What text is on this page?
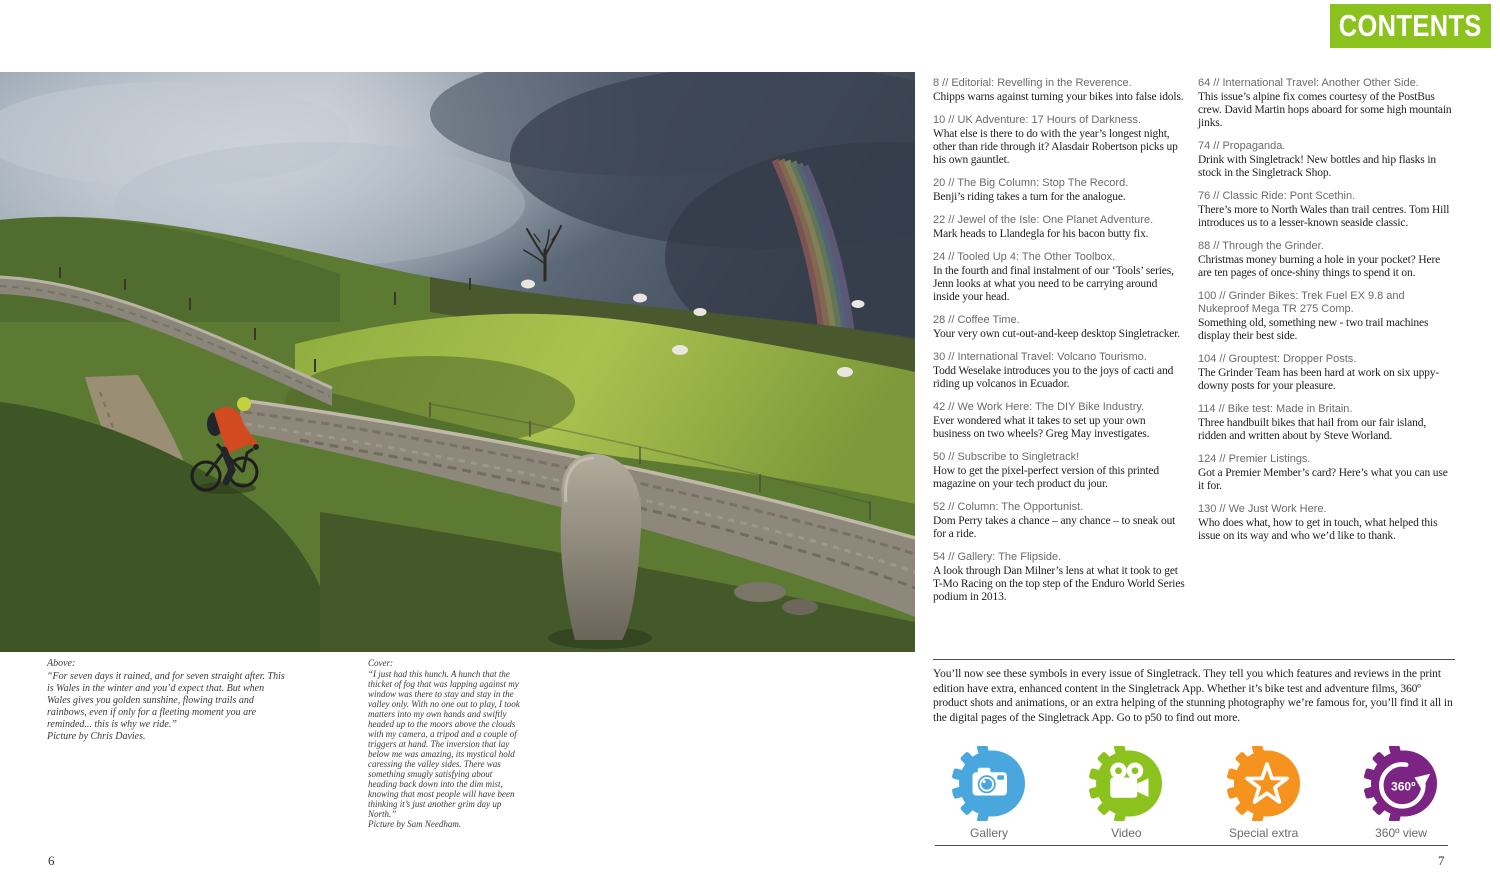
CONTENTS
Above:
“For seven days it rained, and for seven straight after. This is Wales in the winter and you’d expect that. But when Wales gives you golden sunshine, flowing trails and rainbows, even if only for a fleeting moment you are reminded... this is why we ride.”
Picture by Chris Davies.
Cover:
“I just had this hunch. A hunch that the thicket of fog that was lapping against my window was there to stay and stay in the valley only. With no one out to play, I took matters into my own hands and swiftly headed up to the moors above the clouds with my camera, a tripod and a couple of triggers at hand. The inversion that lay below me was amazing, its mystical hold caressing the valley sides. There was something smugly satisfying about heading back down into the dim mist, knowing that most people will have been thinking it’s just another grim day up North.”
Picture by Sam Needham.
8 // Editorial: Revelling in the Reverence.
Chipps warns against turning your bikes into false idols.
10 // UK Adventure: 17 Hours of Darkness.
What else is there to do with the year’s longest night, other than ride through it? Alasdair Robertson picks up his own gauntlet.
20 // The Big Column: Stop The Record.
Benji’s riding takes a turn for the analogue.
22 // Jewel of the Isle: One Planet Adventure.
Mark heads to Llandegla for his bacon butty fix.
24 // Tooled Up 4: The Other Toolbox.
In the fourth and final instalment of our ‘Tools’ series, Jenn looks at what you need to be carrying around inside your head.
28 // Coffee Time.
Your very own cut-out-and-keep desktop Singletracker.
30 // International Travel: Volcano Tourismo.
Todd Weselake introduces you to the joys of cacti and riding up volcanos in Ecuador.
42 // We Work Here: The DIY Bike Industry.
Ever wondered what it takes to set up your own business on two wheels? Greg May investigates.
50 // Subscribe to Singletrack!
How to get the pixel-perfect version of this printed magazine on your tech product du jour.
52 // Column: The Opportunist.
Dom Perry takes a chance – any chance – to sneak out for a ride.
54 // Gallery: The Flipside.
A look through Dan Milner’s lens at what it took to get T-Mo Racing on the top step of the Enduro World Series podium in 2013.
64 // International Travel: Another Other Side.
This issue’s alpine fix comes courtesy of the PostBus crew. David Martin hops aboard for some high mountain jinks.
74 // Propaganda.
Drink with Singletrack! New bottles and hip flasks in stock in the Singletrack Shop.
76 // Classic Ride: Pont Scethin.
There’s more to North Wales than trail centres. Tom Hill introduces us to a lesser-known seaside classic.
88 // Through the Grinder.
Christmas money burning a hole in your pocket? Here are ten pages of once-shiny things to spend it on.
100 // Grinder Bikes: Trek Fuel EX 9.8 and Nukeproof Mega TR 275 Comp.
Something old, something new - two trail machines display their best side.
104 // Grouptest: Dropper Posts.
The Grinder Team has been hard at work on six uppy-downy posts for your pleasure.
114 // Bike test: Made in Britain.
Three handbuilt bikes that hail from our fair island, ridden and written about by Steve Worland.
124 // Premier Listings.
Got a Premier Member’s card? Here’s what you can use it for.
130 // We Just Work Here.
Who does what, how to get in touch, what helped this issue on its way and who we’d like to thank.

You’ll now see these symbols in every issue of Singletrack. They tell you which features and reviews in the print edition have extra, enhanced content in the Singletrack App. Whether it’s bike test and adventure films, 360º product shots and animations, or an extra helping of the stunning photography we’re famous for, you’ll find it all in the digital pages of the Singletrack App. Go to p50 to find out more.

Gallery	Video	Special extra
360º
360º view
6	7
